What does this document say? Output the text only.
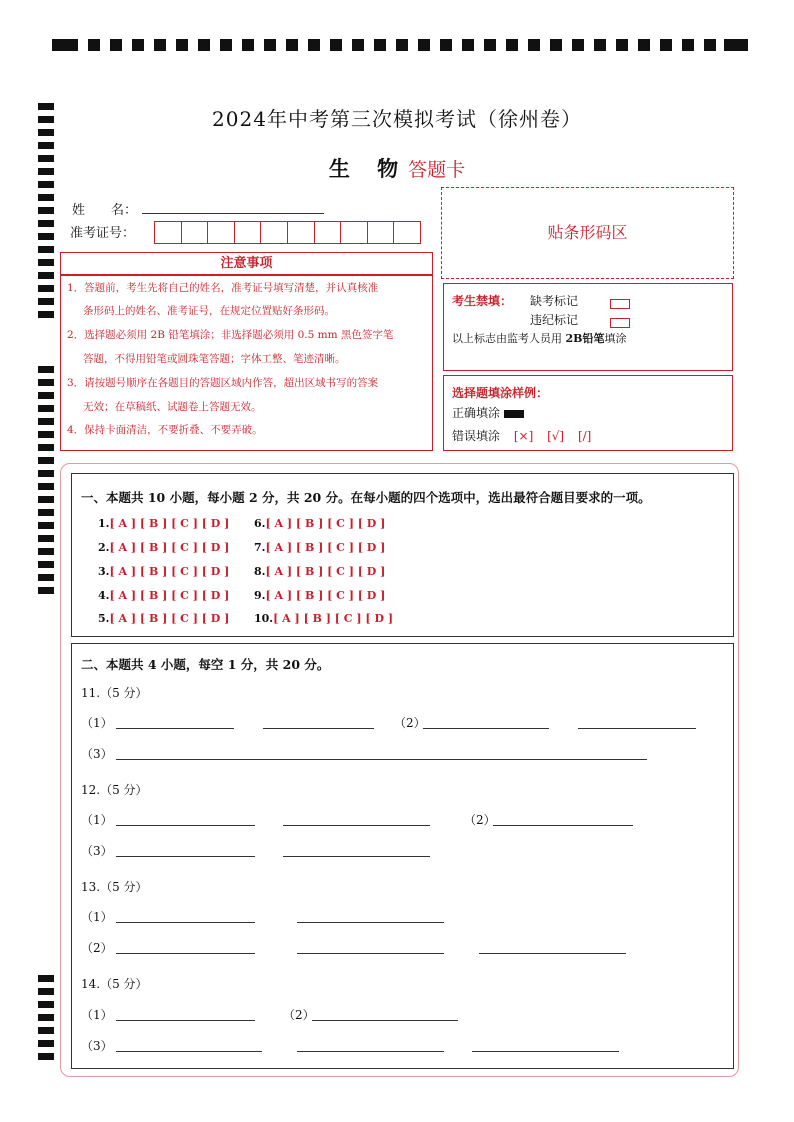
2024年中考第三次模拟考试（徐州卷）
生 物答题卡
姓　　名：
准考证号：	贴条形码区
注意事项
1．答题前，考生先将自己的姓名，准考证号填写清楚，并认真核准
条形码上的姓名、准考证号，在规定位置贴好条形码。
2．选择题必须用 2B 铅笔填涂；非选择题必须用 0.5 mm 黑色签字笔
答题，不得用铅笔或圆珠笔答题；字体工整、笔迹清晰。
3．请按题号顺序在各题目的答题区域内作答，超出区域书写的答案
无效；在草稿纸、试题卷上答题无效。
4．保持卡面清洁，不要折叠、不要弄破。
考生禁填： 缺考标记
违纪标记
以上标志由监考人员用 2B铅笔填涂
选择题填涂样例：
正确填涂
错误填涂 [×] [√] [/]
一、本题共 10 小题，每小题 2 分，共 20 分。在每小题的四个选项中，选出最符合题目要求的一项。
1.[ A ] [ B ] [ C ] [ D ]
2.[ A ] [ B ] [ C ] [ D ]
3.[ A ] [ B ] [ C ] [ D ]
4.[ A ] [ B ] [ C ] [ D ]
5.[ A ] [ B ] [ C ] [ D ]
6.[ A ] [ B ] [ C ] [ D ]
7.[ A ] [ B ] [ C ] [ D ]
8.[ A ] [ B ] [ C ] [ D ]
9.[ A ] [ B ] [ C ] [ D ]
10.[ A ] [ B ] [ C ] [ D ]
二、本题共 4 小题，每空 1 分，共 20 分。
11.（5 分）
（1）	（2）
（3）
12.（5 分）
（1）	（2）
（3）
13.（5 分）
（1）
（2）
14.（5 分）
（1）	（2）
（3）
